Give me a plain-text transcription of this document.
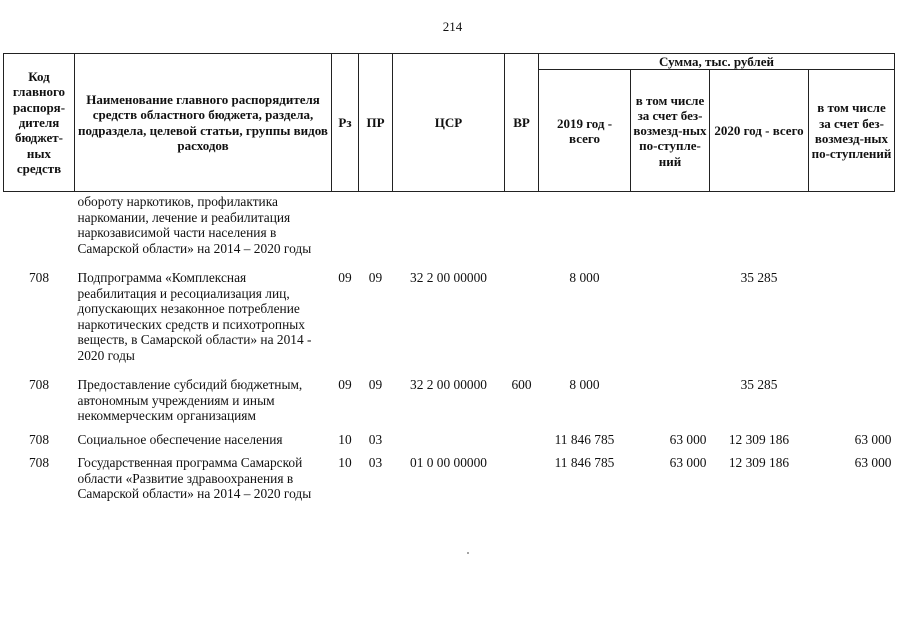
214
Код главного распоря-дителя бюджет-ных средств	Наименование главного распорядителя средств областного бюджета, раздела, подраздела, целевой статьи, группы видов расходов	Рз	ПР	ЦСР	ВР	Сумма, тыс. рублей			
						2019 год - всего	в том числе за счет без-возмезд-ных по-ступле-ний	2020 год - всего	в том числе за счет без-возмезд-ных по-ступлений
	обороту наркотиков, профилактика наркомании, лечение и реабилитация наркозависимой части населения в Самарской области» на 2014 – 2020 годы								
708	Подпрограмма «Комплексная реабилитация и ресоциализация лиц, допускающих незаконное потребление наркотических средств и психотропных веществ, в Самарской области» на 2014 - 2020 годы	09	09	32 2 00 00000		8 000		35 285	
708	Предоставление субсидий бюджетным, автономным учреждениям и иным некоммерческим организациям	09	09	32 2 00 00000	600	8 000		35 285	
708	Социальное обеспечение населения	10	03			11 846 785	63 000	12 309 186	63 000
708	Государственная программа Самарской области «Развитие здравоохранения в Самарской области» на 2014 – 2020 годы	10	03	01 0 00 00000		11 846 785	63 000	12 309 186	63 000
